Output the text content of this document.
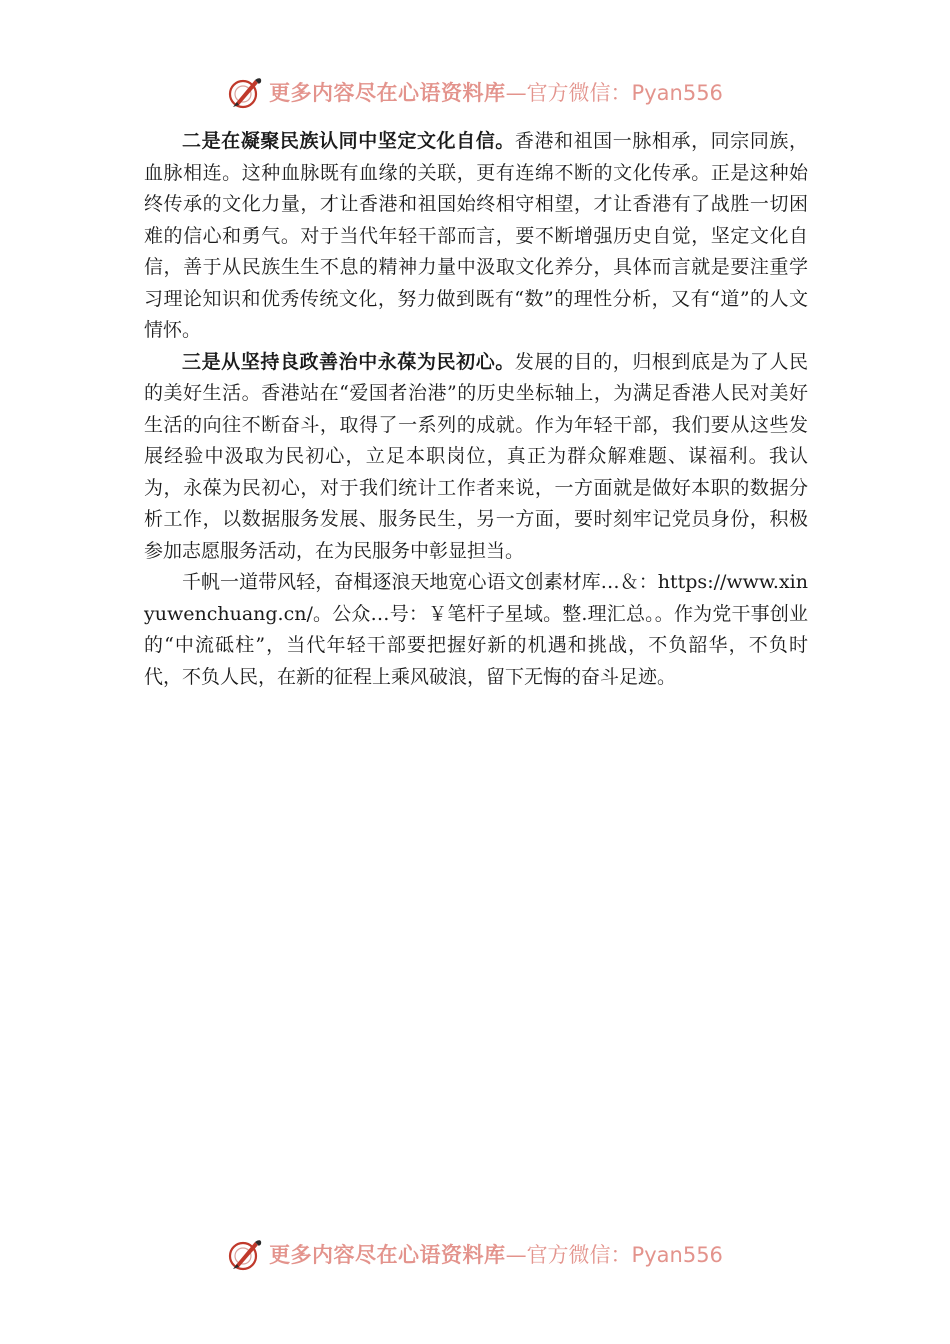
更多内容尽在心语资料库 —官方微信：Pyan556

二是在凝聚民族认同中坚定文化自信。香港和祖国一脉相承，同宗同族，血脉相连。这种血脉既有血缘的关联，更有连绵不断的文化传承。正是这种始终传承的文化力量，才让香港和祖国始终相守相望，才让香港有了战胜一切困难的信心和勇气。对于当代年轻干部而言，要不断增强历史自觉，坚定文化自信，善于从民族生生不息的精神力量中汲取文化养分，具体而言就是要注重学习理论知识和优秀传统文化，努力做到既有“数”的理性分析，又有“道”的人文情怀。

三是从坚持良政善治中永葆为民初心。发展的目的，归根到底是为了人民的美好生活。香港站在“爱国者治港”的历史坐标轴上，为满足香港人民对美好生活的向往不断奋斗，取得了一系列的成就。作为年轻干部，我们要从这些发展经验中汲取为民初心，立足本职岗位，真正为群众解难题、谋福利。我认为，永葆为民初心，对于我们统计工作者来说，一方面就是做好本职的数据分析工作，以数据服务发展、服务民生，另一方面，要时刻牢记党员身份，积极参加志愿服务活动，在为民服务中彰显担当。

千帆一道带风轻，奋楫逐浪天地宽心语文创素材库…＆：https://www.xinyuwenchuang.cn/。公众…号：￥笔杆子星域。整.理汇总。。作为党干事创业的“中流砥柱”，当代年轻干部要把握好新的机遇和挑战，不负韶华，不负时代，不负人民，在新的征程上乘风破浪，留下无悔的奋斗足迹。

更多内容尽在心语资料库 —官方微信：Pyan556
